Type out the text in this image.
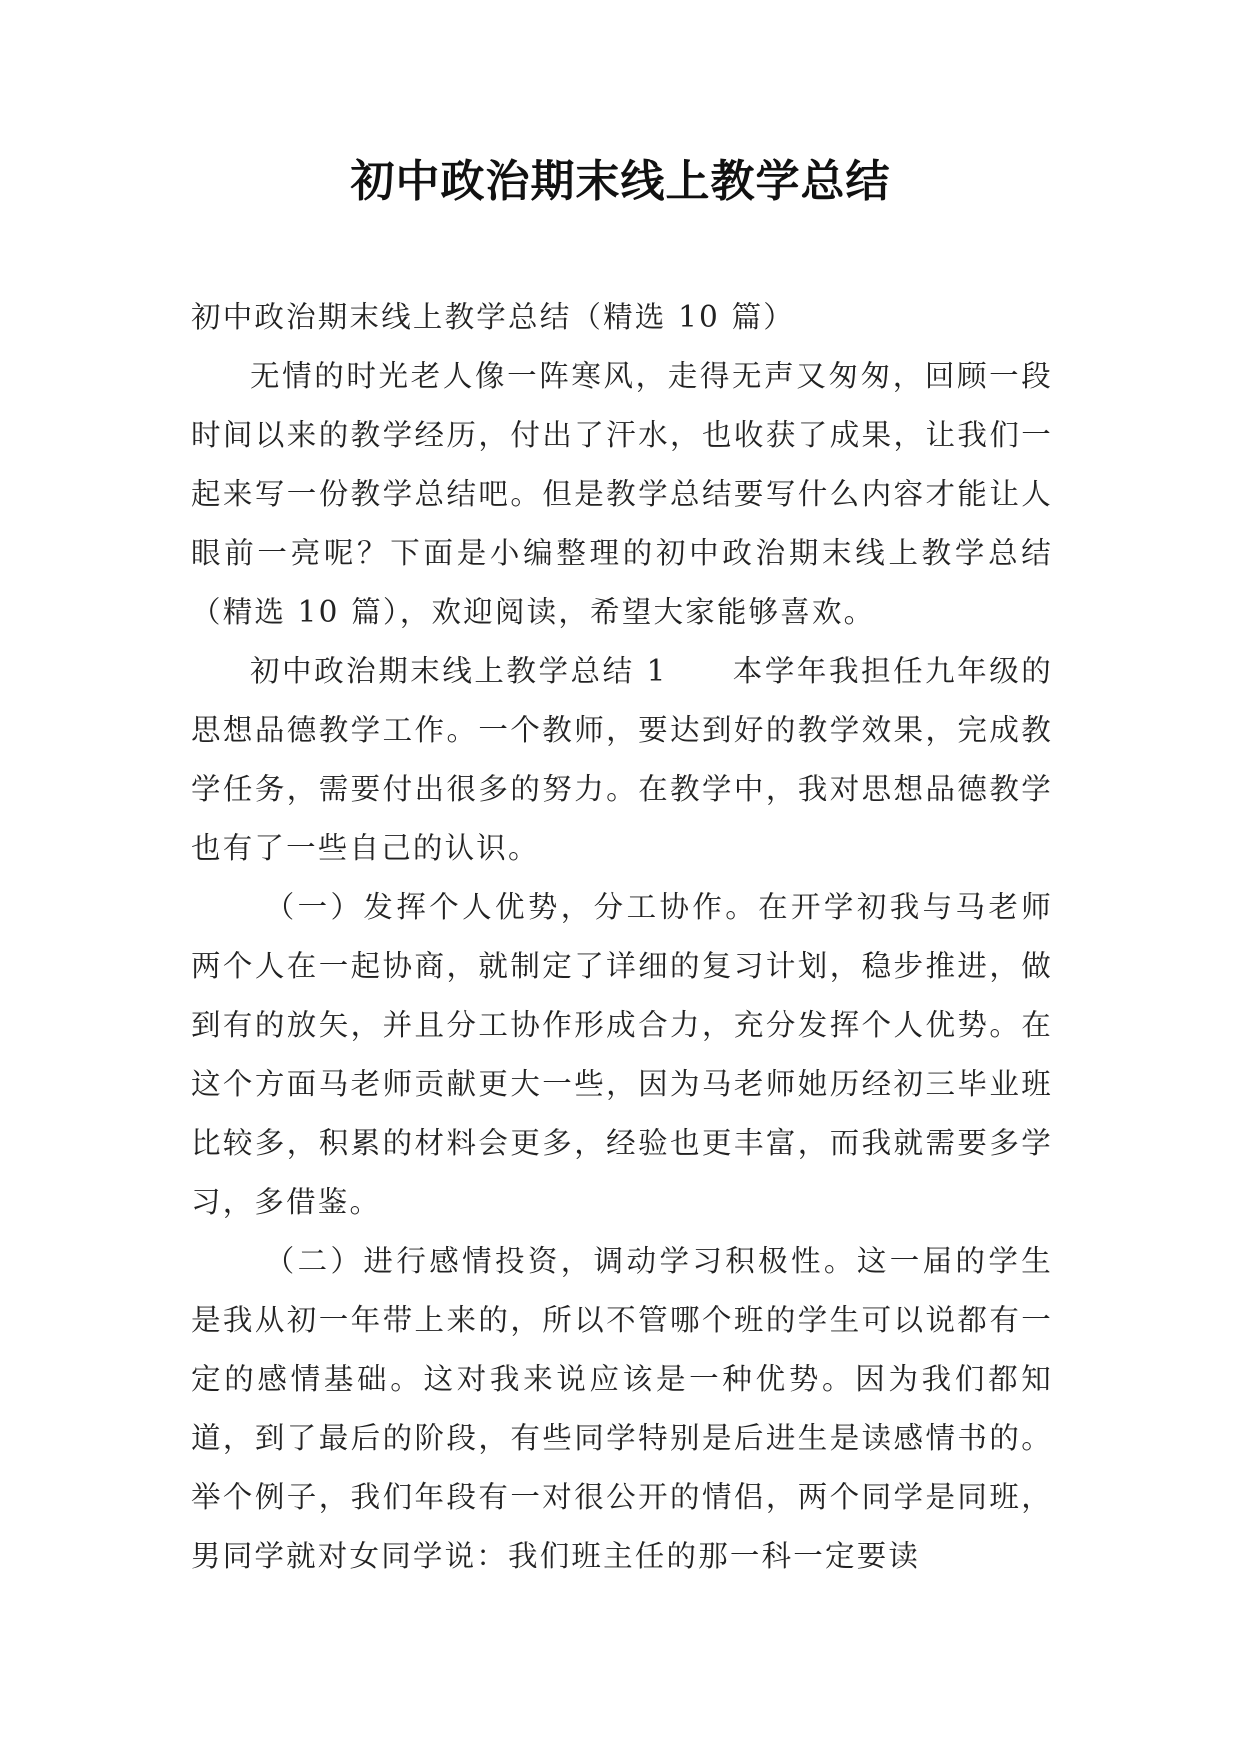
初中政治期末线上教学总结

初中政治期末线上教学总结（精选 10 篇）

无情的时光老人像一阵寒风，走得无声又匆匆，回顾一段时间以来的教学经历，付出了汗水，也收获了成果，让我们一起来写一份教学总结吧。但是教学总结要写什么内容才能让人眼前一亮呢？下面是小编整理的初中政治期末线上教学总结（精选 10 篇），欢迎阅读，希望大家能够喜欢。

初中政治期末线上教学总结 1 本学年我担任九年级的思想品德教学工作。一个教师，要达到好的教学效果，完成教学任务，需要付出很多的努力。在教学中，我对思想品德教学也有了一些自己的认识。

（一）发挥个人优势，分工协作。在开学初我与马老师两个人在一起协商，就制定了详细的复习计划，稳步推进，做到有的放矢，并且分工协作形成合力，充分发挥个人优势。在这个方面马老师贡献更大一些，因为马老师她历经初三毕业班比较多，积累的材料会更多，经验也更丰富，而我就需要多学习，多借鉴。

（二）进行感情投资，调动学习积极性。这一届的学生是我从初一年带上来的，所以不管哪个班的学生可以说都有一定的感情基础。这对我来说应该是一种优势。因为我们都知道，到了最后的阶段，有些同学特别是后进生是读感情书的。举个例子，我们年段有一对很公开的情侣，两个同学是同班，男同学就对女同学说：我们班主任的那一科一定要读
